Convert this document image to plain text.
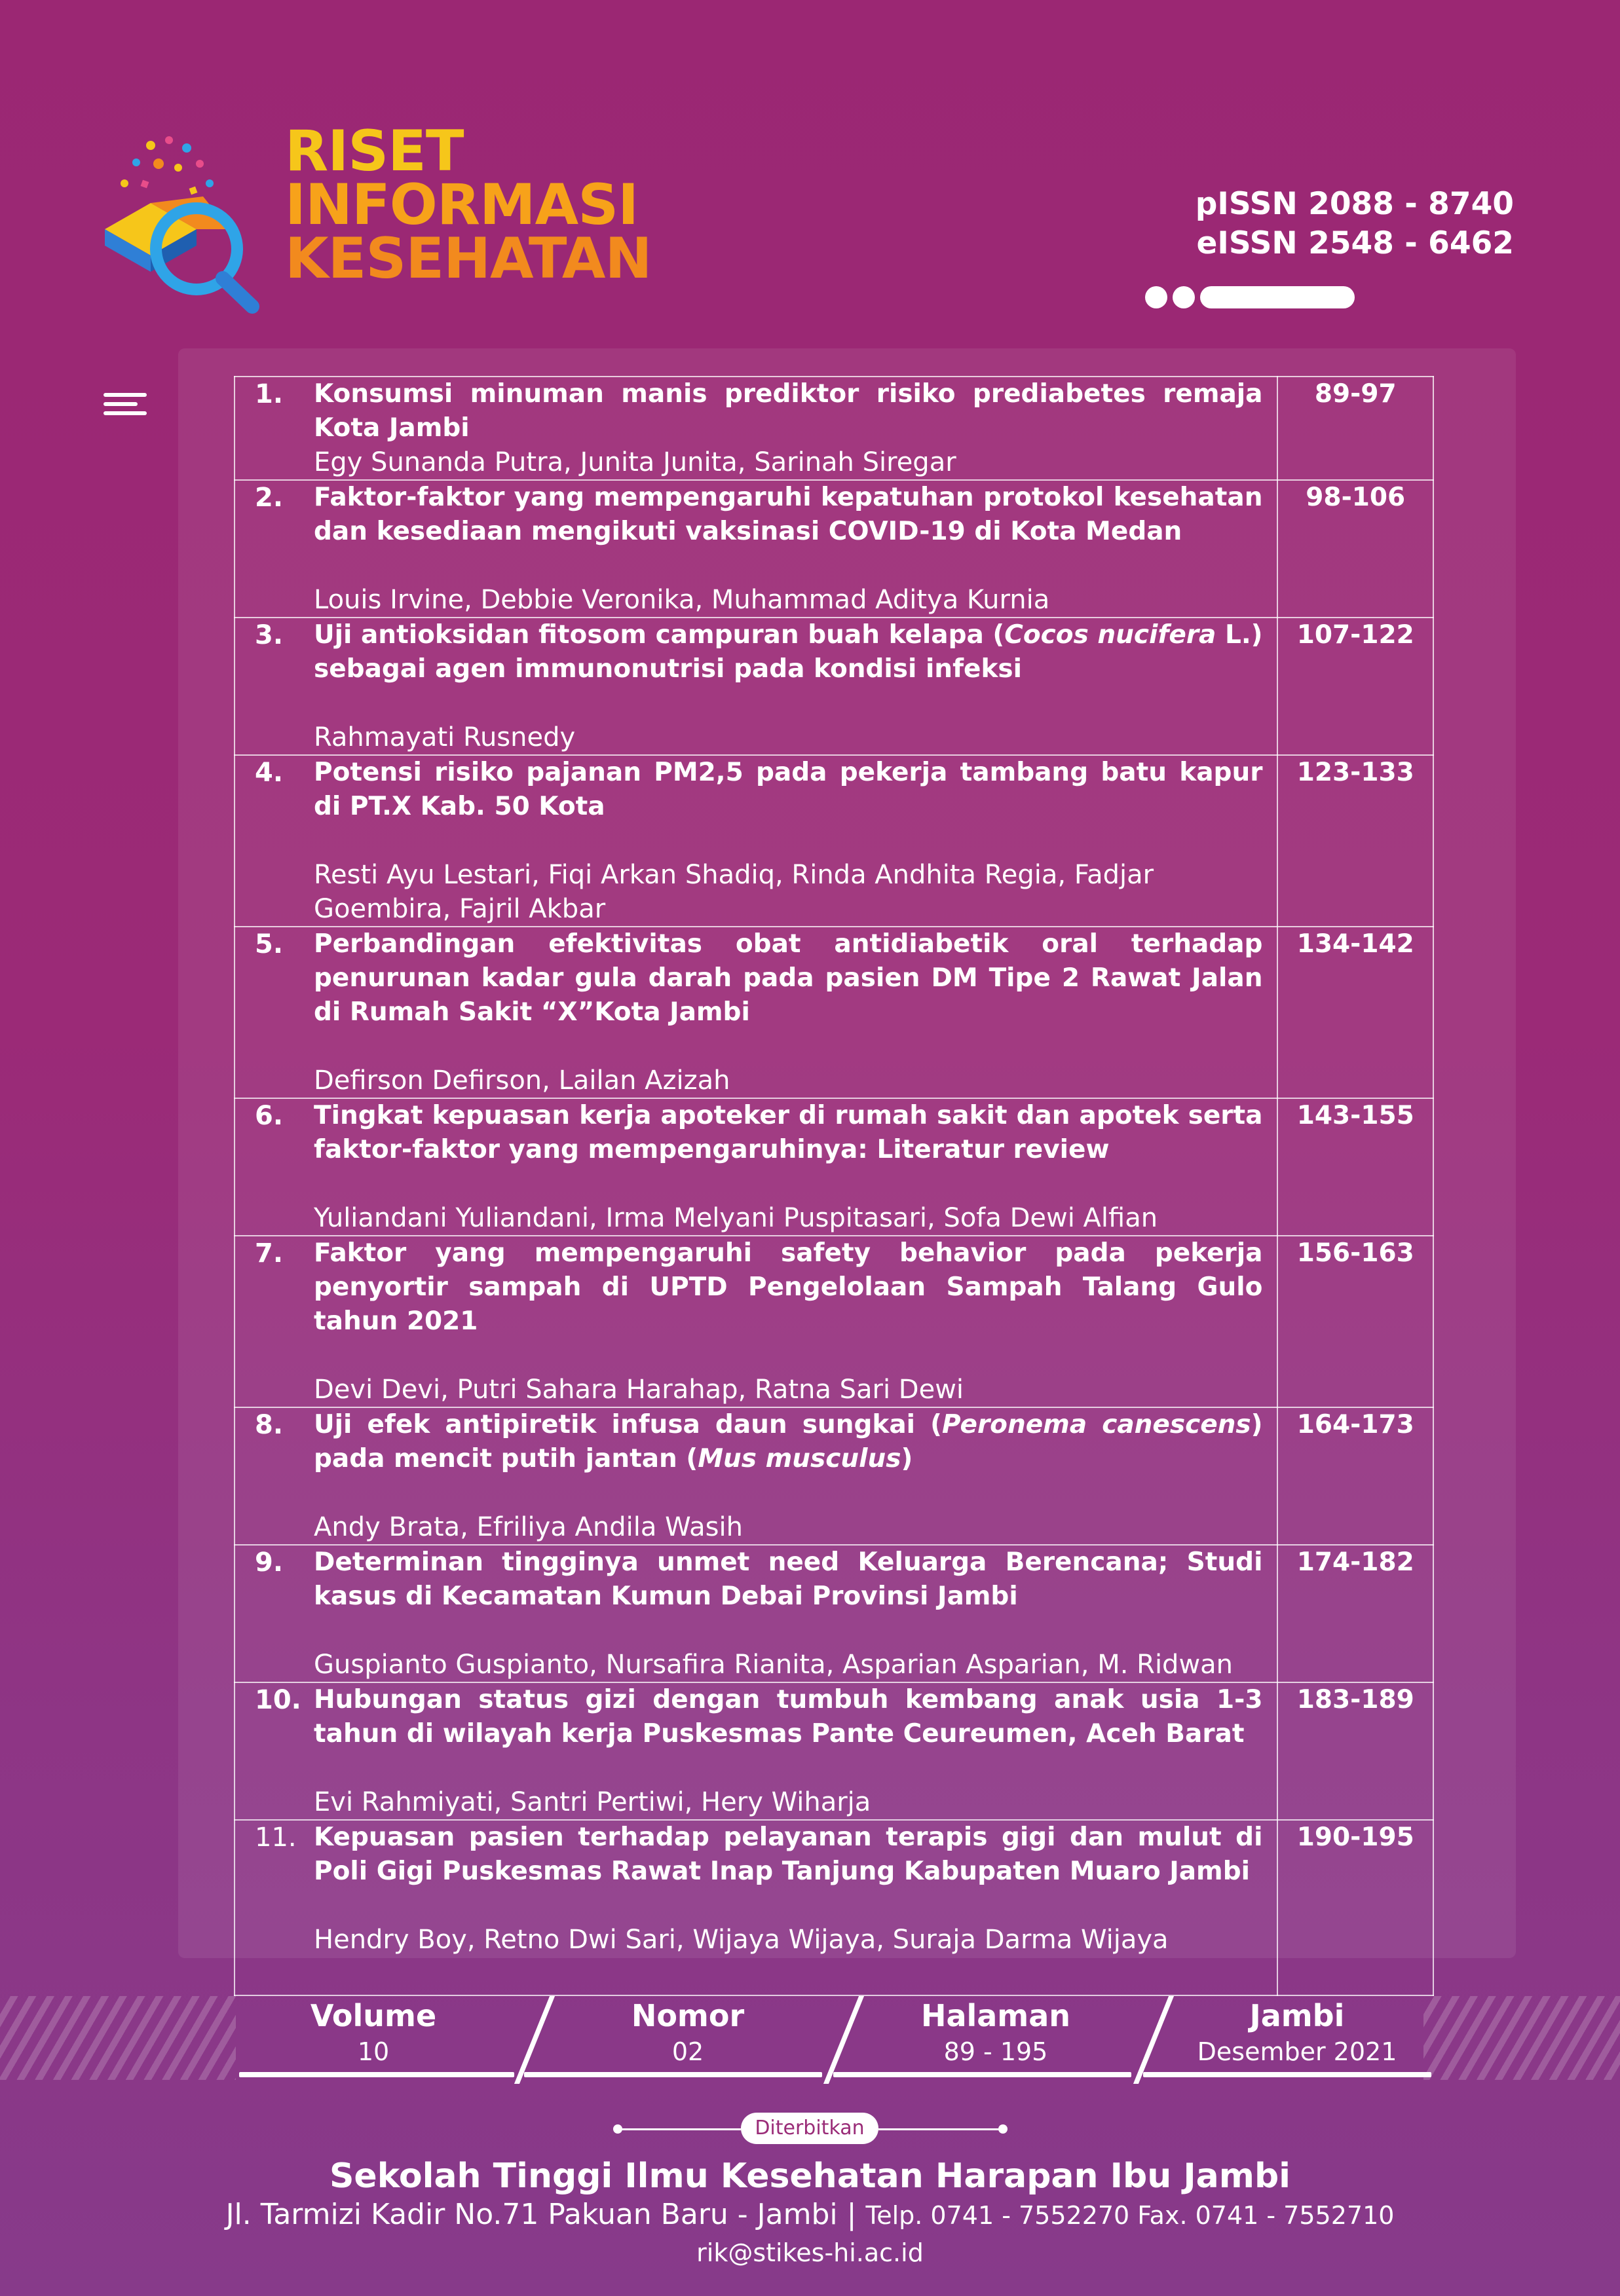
RISET
INFORMASI
KESEHATAN
pISSN 2088 - 8740
eISSN 2548 - 6462
1. Konsumsi minuman manis prediktor risiko prediabetes remaja Kota Jambi
Egy Sunanda Putra, Junita Junita, Sarinah Siregar	89-97

2. Faktor-faktor yang mempengaruhi kepatuhan protokol kesehatan dan kesediaan mengikuti vaksinasi COVID-19 di Kota Medan
Louis Irvine, Debbie Veronika, Muhammad Aditya Kurnia	98-106

3. Uji antioksidan fitosom campuran buah kelapa (Cocos nucifera L.) sebagai agen immunonutrisi pada kondisi infeksi
Rahmayati Rusnedy	107-122

4. Potensi risiko pajanan PM2,5 pada pekerja tambang batu kapur di PT.X Kab. 50 Kota
Resti Ayu Lestari, Fiqi Arkan Shadiq, Rinda Andhita Regia, Fadjar Goembira, Fajril Akbar	123-133

5. Perbandingan efektivitas obat antidiabetik oral terhadap penurunan kadar gula darah pada pasien DM Tipe 2 Rawat Jalan di Rumah Sakit “X”Kota Jambi
Defirson Defirson, Lailan Azizah	134-142

6. Tingkat kepuasan kerja apoteker di rumah sakit dan apotek serta faktor-faktor yang mempengaruhinya: Literatur review
Yuliandani Yuliandani, Irma Melyani Puspitasari, Sofa Dewi Alfian	143-155

7. Faktor yang mempengaruhi safety behavior pada pekerja penyortir sampah di UPTD Pengelolaan Sampah Talang Gulo tahun 2021
Devi Devi, Putri Sahara Harahap, Ratna Sari Dewi	156-163

8. Uji efek antipiretik infusa daun sungkai (Peronema canescens) pada mencit putih jantan (Mus musculus)
Andy Brata, Efriliya Andila Wasih	164-173

9. Determinan tingginya unmet need Keluarga Berencana; Studi kasus di Kecamatan Kumun Debai Provinsi Jambi
Guspianto Guspianto, Nursafira Rianita, Asparian Asparian, M. Ridwan	174-182

10. Hubungan status gizi dengan tumbuh kembang anak usia 1-3 tahun di wilayah kerja Puskesmas Pante Ceureumen, Aceh Barat
Evi Rahmiyati, Santri Pertiwi, Hery Wiharja	183-189

11. Kepuasan pasien terhadap pelayanan terapis gigi dan mulut di Poli Gigi Puskesmas Rawat Inap Tanjung Kabupaten Muaro Jambi
Hendry Boy, Retno Dwi Sari, Wijaya Wijaya, Suraja Darma Wijaya	190-195
Volume
10
Nomor
02
Halaman
89 - 195
Jambi
Desember 2021
Diterbitkan
Sekolah Tinggi Ilmu Kesehatan Harapan Ibu Jambi
Jl. Tarmizi Kadir No.71 Pakuan Baru - Jambi | Telp. 0741 - 7552270 Fax. 0741 - 7552710
rik@stikes-hi.ac.id
